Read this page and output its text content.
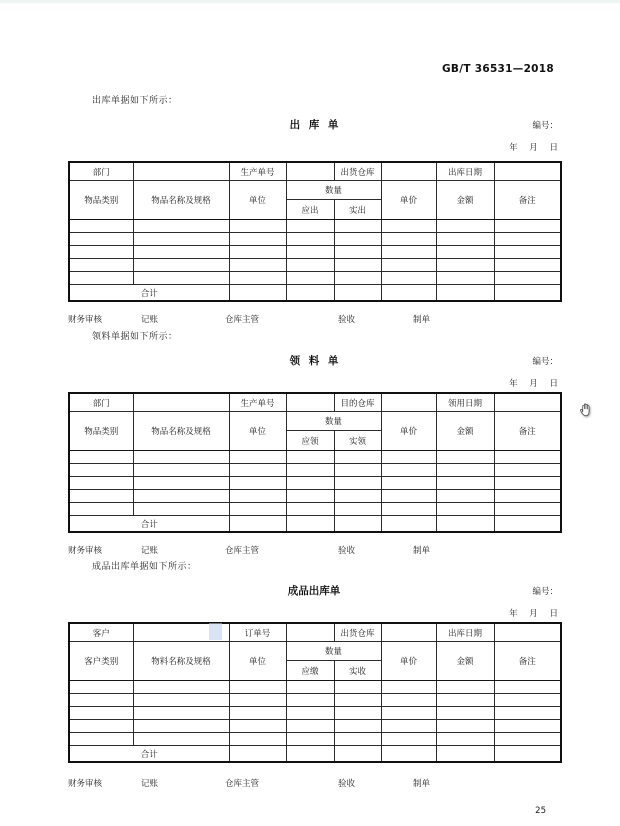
GB/T 36531—2018
出库单据如下所示：
出 库 单	编号：
年 月 日
部门		生产单号		出货仓库		出库日期	
物品类别	物品名称及规格	单位	数量		单价	金额	备注
			应出	实出			

合计							
财务审核	记账	仓库主管	验收	制单
领料单据如下所示：
领 料 单	编号：
年 月 日
部门		生产单号		目的仓库		领用日期	
物品类别	物品名称及规格	单位	数量		单价	金额	备注
			应领	实领			

合计							
财务审核	记账	仓库主管	验收	制单
成品出库单据如下所示：
成品出库单	编号：
年 月 日
客户		订单号		出货仓库		出库日期	
客户类别	物料名称及规格	单位	数量		单价	金额	备注
			应缴	实收			

合计							
财务审核	记账	仓库主管	验收	制单
25
